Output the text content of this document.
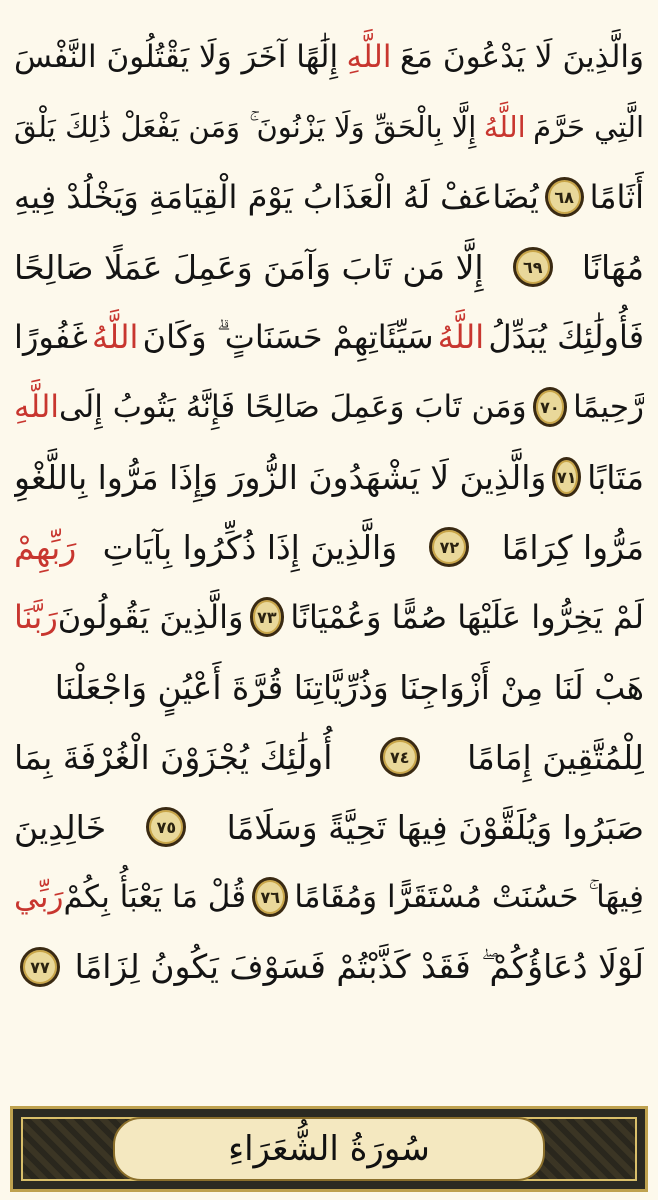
وَالَّذِينَ لَا يَدْعُونَ مَعَ
اللَّهِ
إِلَٰهًا آخَرَ وَلَا يَقْتُلُونَ النَّفْسَ
الَّتِي حَرَّمَ
اللَّهُ
إِلَّا بِالْحَقِّ وَلَا يَزْنُونَ ۚ وَمَن يَفْعَلْ ذَٰلِكَ يَلْقَ
أَثَامًا
٦٨
يُضَاعَفْ لَهُ الْعَذَابُ يَوْمَ الْقِيَامَةِ وَيَخْلُدْ فِيهِ
مُهَانًا
٦٩
إِلَّا مَن تَابَ وَآمَنَ وَعَمِلَ عَمَلًا صَالِحًا
فَأُولَٰئِكَ يُبَدِّلُ
اللَّهُ
سَيِّئَاتِهِمْ حَسَنَاتٍ ۗ وَكَانَ
اللَّهُ
غَفُورًا
رَّحِيمًا
٧٠
وَمَن تَابَ وَعَمِلَ صَالِحًا فَإِنَّهُ يَتُوبُ إِلَى
اللَّهِ
مَتَابًا
٧١
وَالَّذِينَ لَا يَشْهَدُونَ الزُّورَ وَإِذَا مَرُّوا بِاللَّغْوِ
مَرُّوا كِرَامًا
٧٢
وَالَّذِينَ إِذَا ذُكِّرُوا بِآيَاتِ
رَبِّهِمْ
لَمْ يَخِرُّوا عَلَيْهَا صُمًّا وَعُمْيَانًا
٧٣
وَالَّذِينَ يَقُولُونَ
رَبَّنَا
هَبْ لَنَا مِنْ أَزْوَاجِنَا وَذُرِّيَّاتِنَا قُرَّةَ أَعْيُنٍ وَاجْعَلْنَا
لِلْمُتَّقِينَ إِمَامًا
٧٤
أُولَٰئِكَ يُجْزَوْنَ الْغُرْفَةَ بِمَا
صَبَرُوا وَيُلَقَّوْنَ فِيهَا تَحِيَّةً وَسَلَامًا
٧٥
خَالِدِينَ
فِيهَا ۚ حَسُنَتْ مُسْتَقَرًّا وَمُقَامًا
٧٦
قُلْ مَا يَعْبَأُ بِكُمْ
رَبِّي
لَوْلَا دُعَاؤُكُمْ ۖ فَقَدْ كَذَّبْتُمْ فَسَوْفَ يَكُونُ لِزَامًا
٧٧
سُورَةُ الشُّعَرَاءِ
